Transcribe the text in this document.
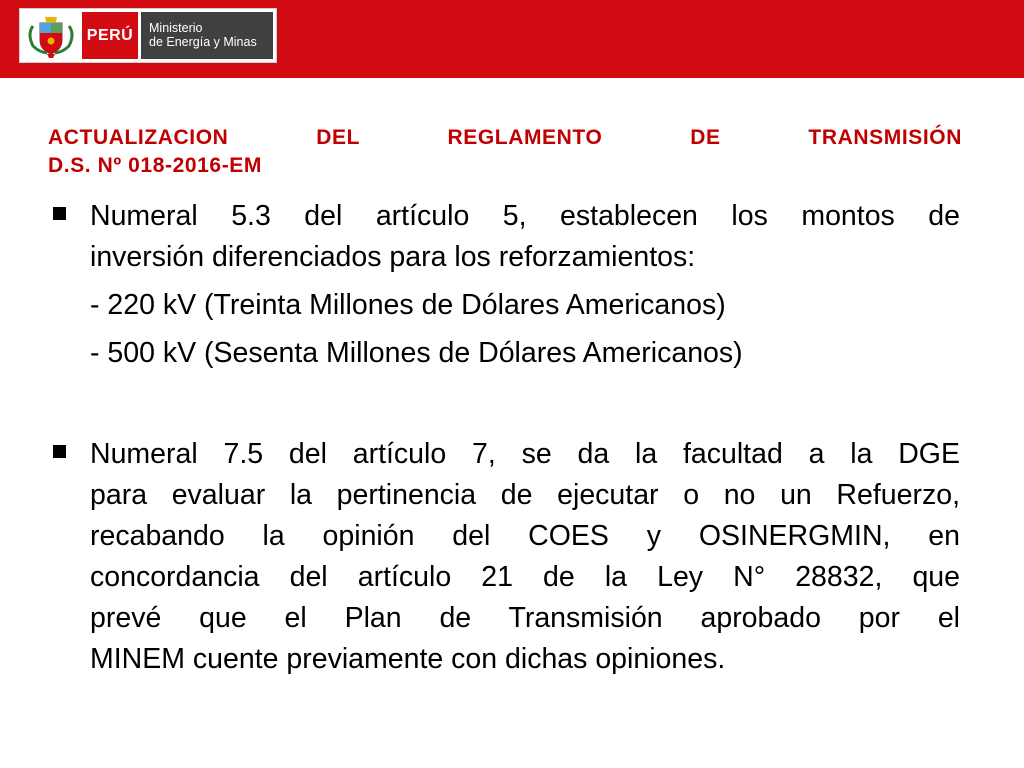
PERÚ	Ministerio
de Energía y Minas
ACTUALIZACION DEL REGLAMENTO DE TRANSMISIÓN
D.S. Nº 018-2016-EM
Numeral 5.3 del artículo 5, establecen los montos de
inversión diferenciados para los reforzamientos:
- 220 kV (Treinta Millones de Dólares Americanos)
- 500 kV (Sesenta Millones de Dólares Americanos)
Numeral 7.5 del artículo 7, se da la facultad a la DGE
para evaluar la pertinencia de ejecutar o no un Refuerzo,
recabando la opinión del COES y OSINERGMIN, en
concordancia del artículo 21 de la Ley N° 28832, que
prevé que el Plan de Transmisión aprobado por el
MINEM cuente previamente con dichas opiniones.
